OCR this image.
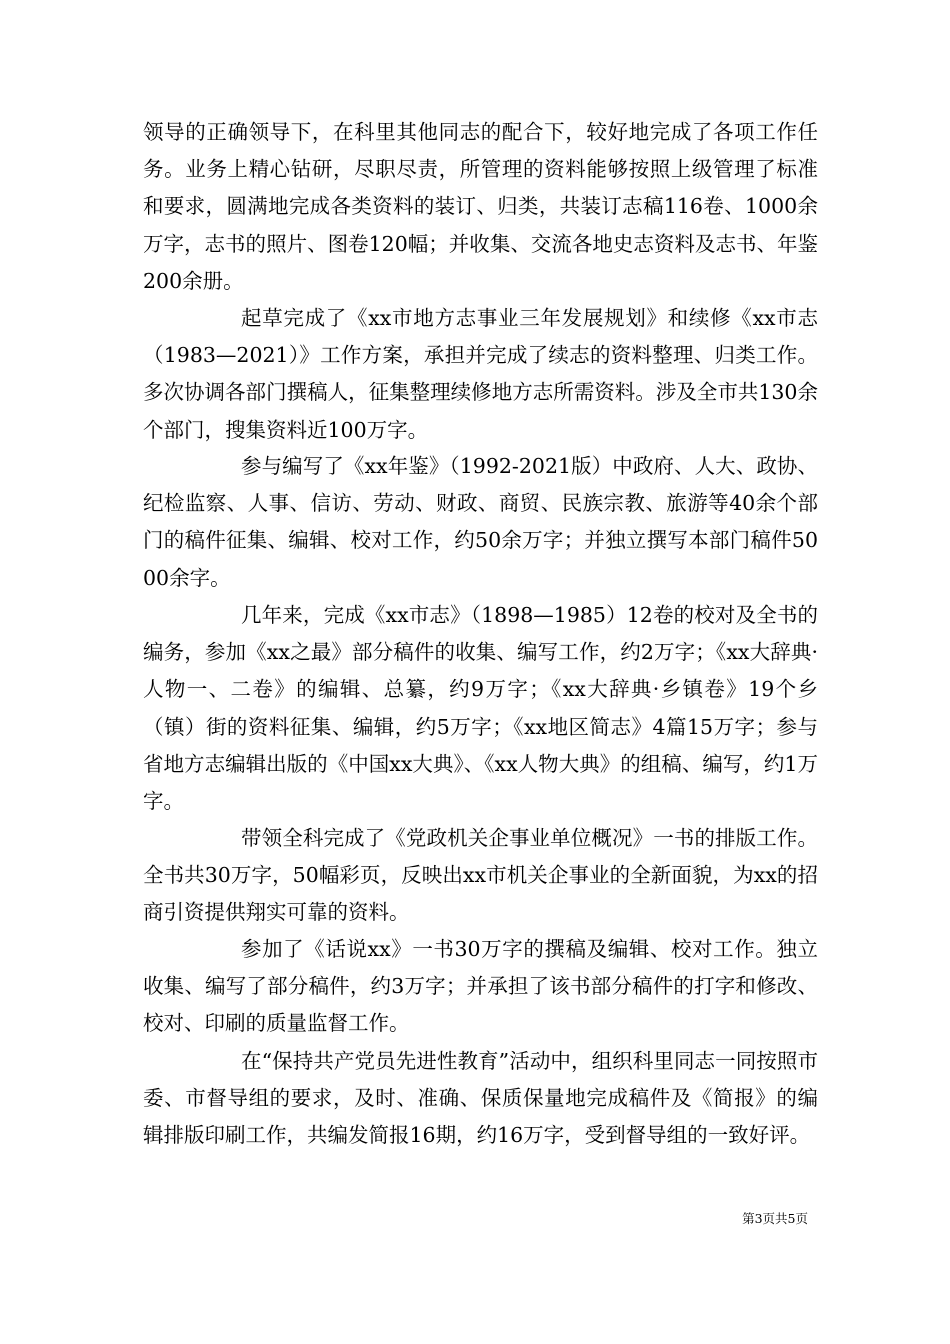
领导的正确领导下，在科里其他同志的配合下，较好地完成了各项工作任务。业务上精心钻研，尽职尽责，所管理的资料能够按照上级管理了标准和要求，圆满地完成各类资料的装订、归类，共装订志稿116卷、1000余万字，志书的照片、图卷120幅；并收集、交流各地史志资料及志书、年鉴200余册。

起草完成了《xx市地方志事业三年发展规划》和续修《xx市志（1983—2021）》工作方案，承担并完成了续志的资料整理、归类工作。多次协调各部门撰稿人，征集整理续修地方志所需资料。涉及全市共130余个部门，搜集资料近100万字。

参与编写了《xx年鉴》（1992-2021版）中政府、人大、政协、纪检监察、人事、信访、劳动、财政、商贸、民族宗教、旅游等40余个部门的稿件征集、编辑、校对工作，约50余万字；并独立撰写本部门稿件5000余字。

几年来，完成《xx市志》（1898—1985）12卷的校对及全书的编务，参加《xx之最》部分稿件的收集、编写工作，约2万字；《xx大辞典·人物一、二卷》的编辑、总纂，约9万字；《xx大辞典·乡镇卷》19个乡（镇）街的资料征集、编辑，约5万字；《xx地区简志》4篇15万字；参与省地方志编辑出版的《中国xx大典》、《xx人物大典》的组稿、编写，约1万字。

带领全科完成了《党政机关企事业单位概况》一书的排版工作。全书共30万字，50幅彩页，反映出xx市机关企事业的全新面貌，为xx的招商引资提供翔实可靠的资料。

参加了《话说xx》一书30万字的撰稿及编辑、校对工作。独立收集、编写了部分稿件，约3万字；并承担了该书部分稿件的打字和修改、校对、印刷的质量监督工作。

在“保持共产党员先进性教育”活动中，组织科里同志一同按照市委、市督导组的要求，及时、准确、保质保量地完成稿件及《简报》的编辑排版印刷工作，共编发简报16期，约16万字，受到督导组的一致好评。

第3页共5页
